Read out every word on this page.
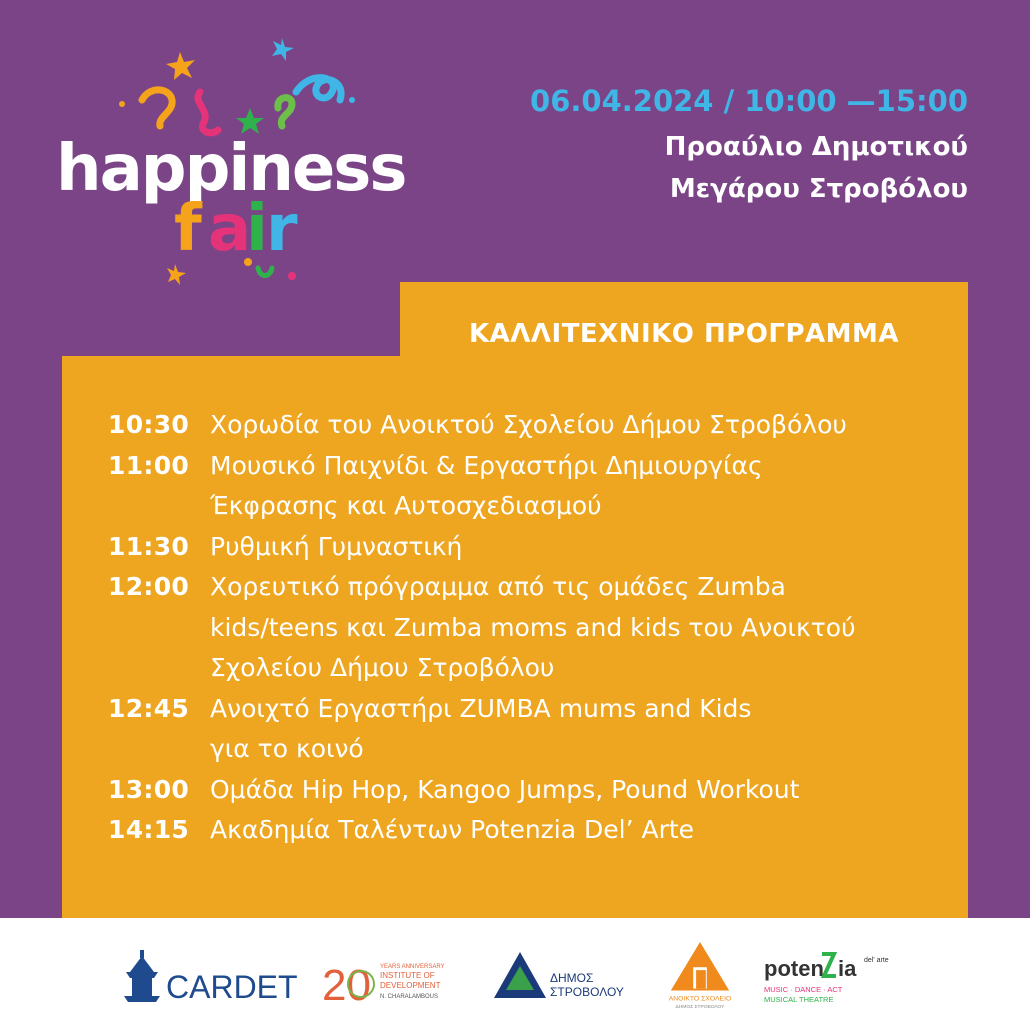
happiness
f a
i r
06.04.2024 / 10:00 —15:00
Προαύλιο Δημοτικού
Μεγάρου Στροβόλου
ΚΑΛΛΙΤΕΧΝΙΚΟ ΠΡΟΓΡΑΜΜΑ
10:30 Χορωδία του Ανοικτού Σχολείου Δήμου Στροβόλου
11:00 Μουσικό Παιχνίδι & Εργαστήρι Δημιουργίας
Έκφρασης και Αυτοσχεδιασμού
11:30 Ρυθμική Γυμναστική
12:00 Χορευτικό πρόγραμμα από τις ομάδες Zumba
kids/teens και Zumba moms and kids του Ανοικτού
Σχολείου Δήμου Στροβόλου
12:45 Ανοιχτό Εργαστήρι ZUMBA mums and Kids
για το κοινό
13:00 Ομάδα Hip Hop, Kangoo Jumps, Pound Workout
14:15 Ακαδημία Ταλέντων Potenzia Del’ Arte
CARDET 20 YEARS ANNIVERSARY
INSTITUTE OF
DEVELOPMENT
N. CHARALAMBOUS
ΔΗΜΟΣ
ΣΤΡΟΒΟΛΟΥ	ΑΝΟΙΚΤΟ ΣΧΟΛΕΙΟ
ΔΗΜΟΣ ΣΤΡΟΒΟΛΟΥ
poten ia del' arte
MUSIC · DANCE · ACT
MUSICAL THEATRE
